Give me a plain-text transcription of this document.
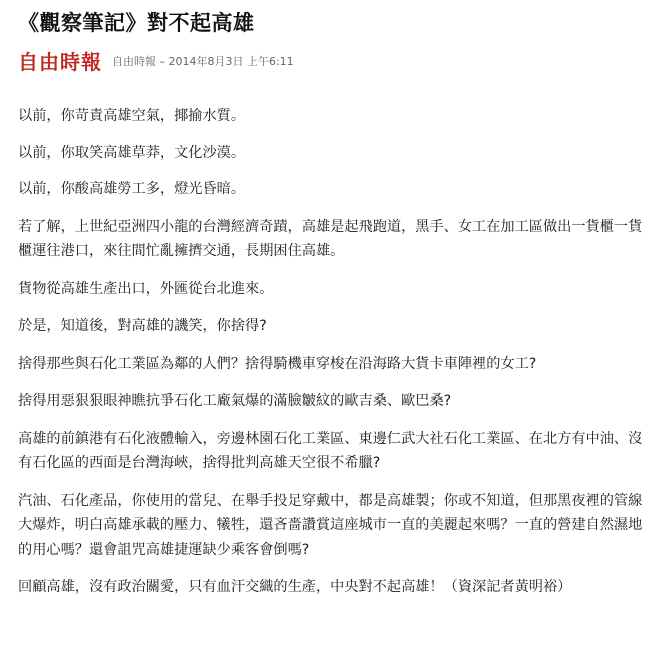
《觀察筆記》對不起高雄
自由時報 自由時報 – 2014年8月3日 上午6:11

以前，你苛責高雄空氣，揶揄水質。

以前，你取笑高雄草莽，文化沙漠。

以前，你酸高雄勞工多，燈光昏暗。

若了解，上世紀亞洲四小龍的台灣經濟奇蹟，高雄是起飛跑道，黑手、女工在加工區做出一貨櫃一貨櫃運往港口，來往間忙亂擁擠交通，長期困住高雄。

貨物從高雄生產出口，外匯從台北進來。

於是，知道後，對高雄的譏笑，你捨得?

捨得那些與石化工業區為鄰的人們？捨得騎機車穿梭在沿海路大貨卡車陣裡的女工?

捨得用惡狠狠眼神瞧抗爭石化工廠氣爆的滿臉皺紋的歐吉桑、歐巴桑?

高雄的前鎮港有石化液體輸入，旁邊林園石化工業區、東邊仁武大社石化工業區、在北方有中油、沒有石化區的西面是台灣海峽，捨得批判高雄天空很不希臘?

汽油、石化產品，你使用的當兒、在舉手投足穿戴中，都是高雄製；你或不知道，但那黑夜裡的管線大爆炸，明白高雄承載的壓力、犧牲，還吝嗇讚賞這座城市一直的美麗起來嗎？一直的營建自然濕地的用心嗎？還會詛咒高雄捷運缺少乘客會倒嗎?

回顧高雄，沒有政治關愛，只有血汗交織的生產，中央對不起高雄！（資深記者黃明裕）
